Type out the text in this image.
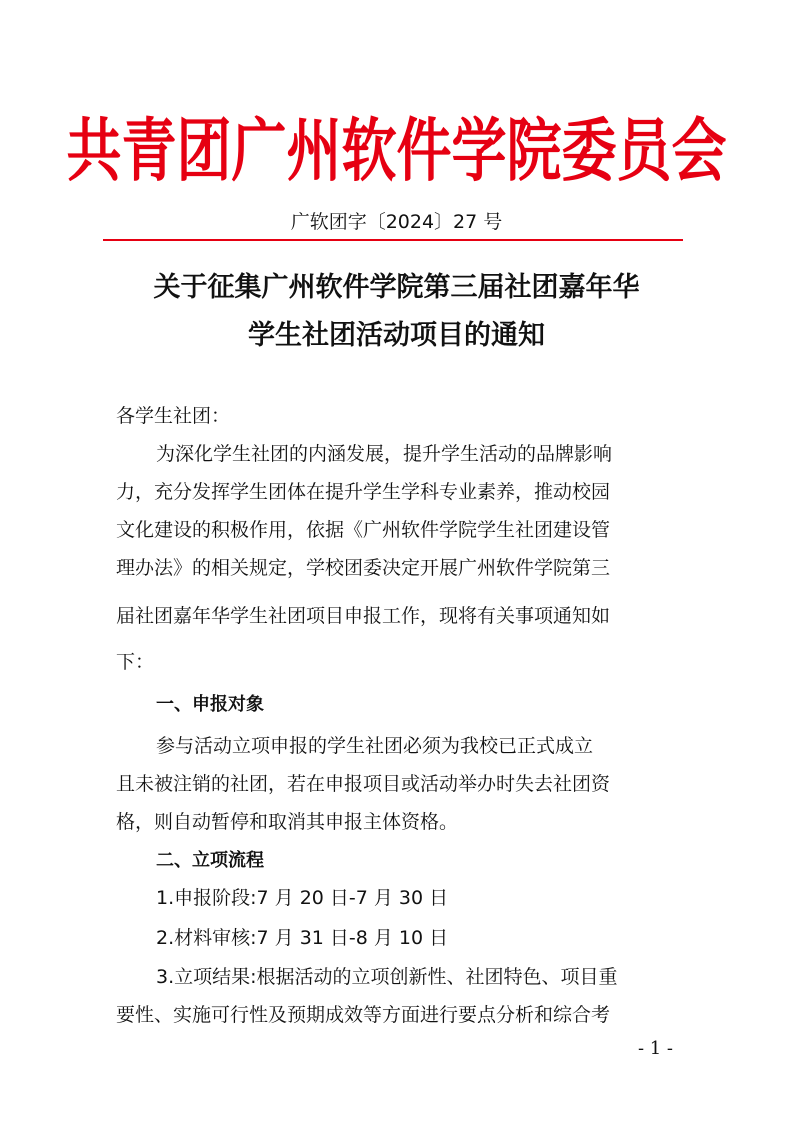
共青团广州软件学院委员会
广软团字〔2024〕27 号
关于征集广州软件学院第三届社团嘉年华
学生社团活动项目的通知
各学生社团：
为深化学生社团的内涵发展，提升学生活动的品牌影响
力，充分发挥学生团体在提升学生学科专业素养，推动校园
文化建设的积极作用，依据《广州软件学院学生社团建设管
理办法》的相关规定，学校团委决定开展广州软件学院第三
届社团嘉年华学生社团项目申报工作，现将有关事项通知如
下：
一、申报对象
参与活动立项申报的学生社团必须为我校已正式成立
且未被注销的社团，若在申报项目或活动举办时失去社团资
格，则自动暂停和取消其申报主体资格。
二、立项流程
1.申报阶段:7 月 20 日-7 月 30 日
2.材料审核:7 月 31 日-8 月 10 日
3.立项结果:根据活动的立项创新性、社团特色、项目重
要性、实施可行性及预期成效等方面进行要点分析和综合考
- 1 -
